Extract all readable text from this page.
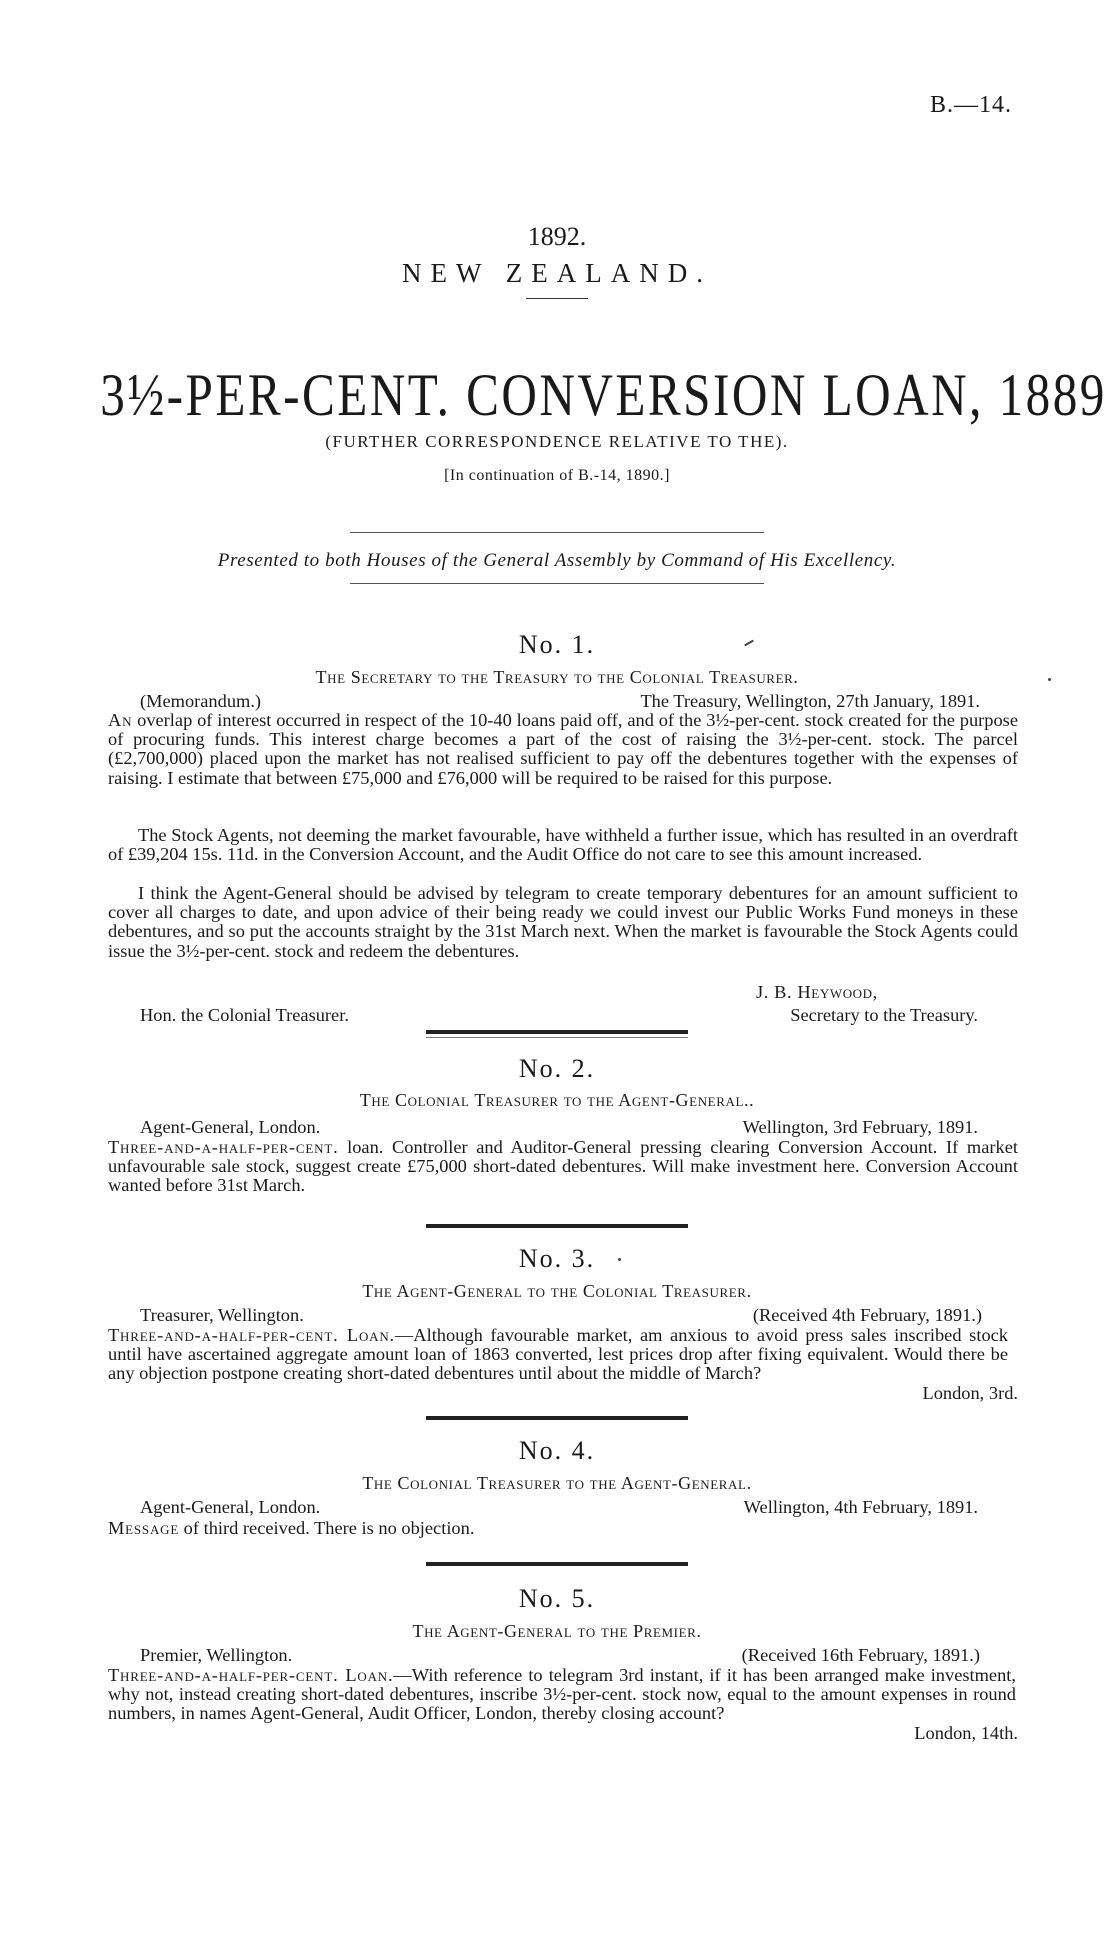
B.—14.
1892.
NEW ZEALAND.
3½-PER-CENT. CONVERSION LOAN, 1889
(FURTHER CORRESPONDENCE RELATIVE TO THE).
[In continuation of B.-14, 1890.]
Presented to both Houses of the General Assembly by Command of His Excellency.
No. 1.
The Secretary to the Treasury to the Colonial Treasurer.
(Memorandum.)	The Treasury, Wellington, 27th January, 1891.
An overlap of interest occurred in respect of the 10-40 loans paid off, and of the 3½-per-cent. stock created for the purpose of procuring funds. This interest charge becomes a part of the cost of raising the 3½-per-cent. stock. The parcel (£2,700,000) placed upon the market has not realised sufficient to pay off the debentures together with the expenses of raising. I estimate that between £75,000 and £76,000 will be required to be raised for this purpose.
The Stock Agents, not deeming the market favourable, have withheld a further issue, which has resulted in an overdraft of £39,204 15s. 11d. in the Conversion Account, and the Audit Office do not care to see this amount increased.
I think the Agent-General should be advised by telegram to create temporary debentures for an amount sufficient to cover all charges to date, and upon advice of their being ready we could invest our Public Works Fund moneys in these debentures, and so put the accounts straight by the 31st March next. When the market is favourable the Stock Agents could issue the 3½-per-cent. stock and redeem the debentures.
J. B. Heywood,
Hon. the Colonial Treasurer.	Secretary to the Treasury.
No. 2.
The Colonial Treasurer to the Agent-General..
Agent-General, London.	Wellington, 3rd February, 1891.
Three-and-a-half-per-cent. loan. Controller and Auditor-General pressing clearing Conversion Account. If market unfavourable sale stock, suggest create £75,000 short-dated debentures. Will make investment here. Conversion Account wanted before 31st March.
No. 3.
The Agent-General to the Colonial Treasurer.
Treasurer, Wellington.	(Received 4th February, 1891.)
Three-and-a-half-per-cent. Loan.—Although favourable market, am anxious to avoid press sales inscribed stock until have ascertained aggregate amount loan of 1863 converted, lest prices drop after fixing equivalent. Would there be any objection postpone creating short-dated debentures until about the middle of March?
London, 3rd.
No. 4.
The Colonial Treasurer to the Agent-General.
Agent-General, London.	Wellington, 4th February, 1891.
Message of third received. There is no objection.
No. 5.
The Agent-General to the Premier.
Premier, Wellington.	(Received 16th February, 1891.)
Three-and-a-half-per-cent. Loan.—With reference to telegram 3rd instant, if it has been arranged make investment, why not, instead creating short-dated debentures, inscribe 3½-per-cent. stock now, equal to the amount expenses in round numbers, in names Agent-General, Audit Officer, London, thereby closing account?
London, 14th.
